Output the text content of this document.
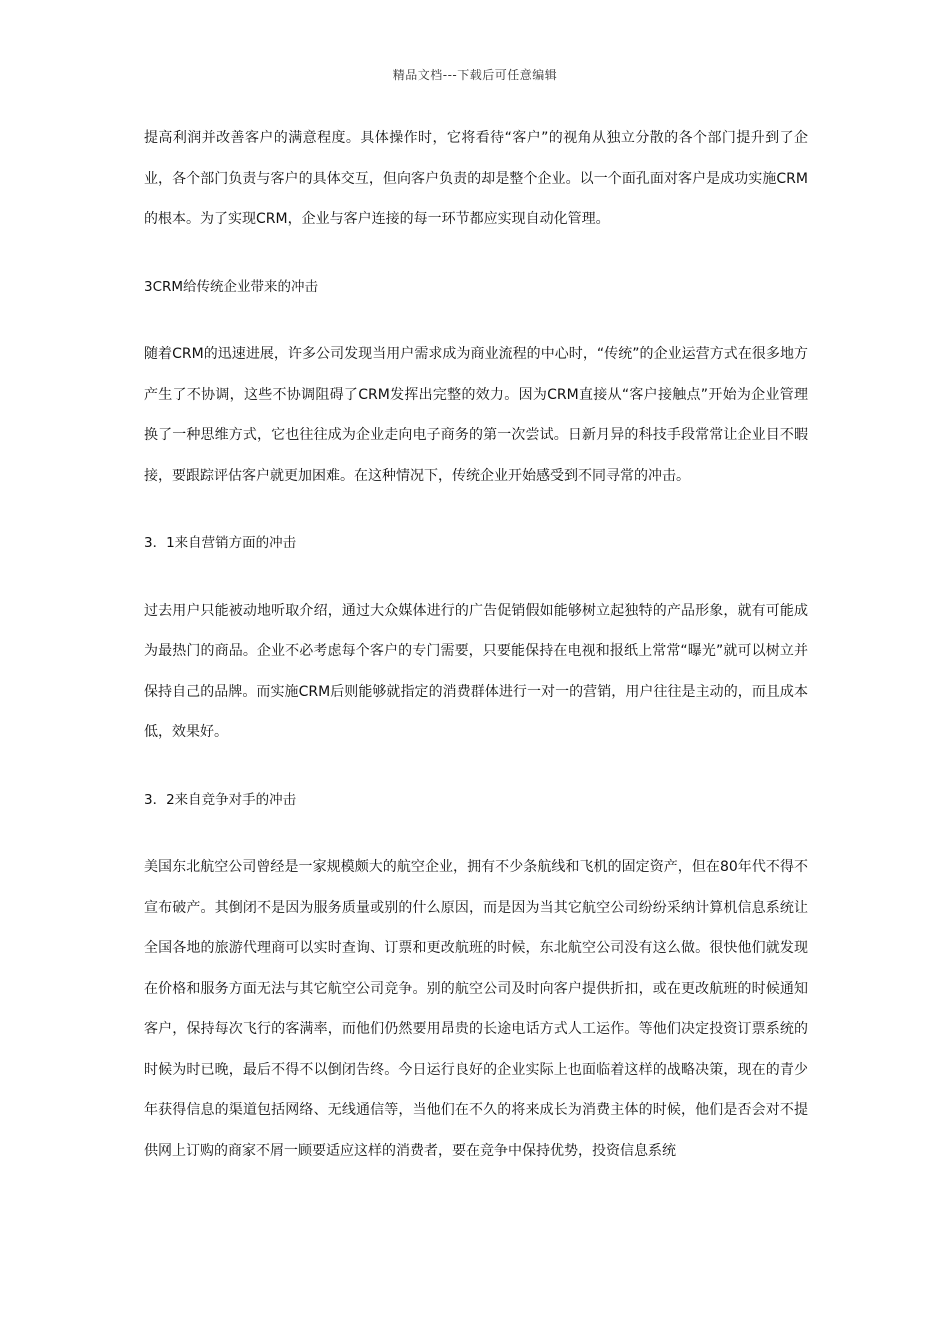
精品文档---下载后可任意编辑

提高利润并改善客户的满意程度。具体操作时，它将看待“客户”的视角从独立分散的各个部门提升到了企业，各个部门负责与客户的具体交互，但向客户负责的却是整个企业。以一个面孔面对客户是成功实施CRM的根本。为了实现CRM，企业与客户连接的每一环节都应实现自动化管理。

3CRM给传统企业带来的冲击

随着CRM的迅速进展，许多公司发现当用户需求成为商业流程的中心时，“传统”的企业运营方式在很多地方产生了不协调，这些不协调阻碍了CRM发挥出完整的效力。因为CRM直接从“客户接触点”开始为企业管理换了一种思维方式，它也往往成为企业走向电子商务的第一次尝试。日新月异的科技手段常常让企业目不暇接，要跟踪评估客户就更加困难。在这种情况下，传统企业开始感受到不同寻常的冲击。

3．1来自营销方面的冲击

过去用户只能被动地听取介绍，通过大众媒体进行的广告促销假如能够树立起独特的产品形象，就有可能成为最热门的商品。企业不必考虑每个客户的专门需要，只要能保持在电视和报纸上常常“曝光”就可以树立并保持自己的品牌。而实施CRM后则能够就指定的消费群体进行一对一的营销，用户往往是主动的，而且成本低，效果好。

3．2来自竞争对手的冲击

美国东北航空公司曾经是一家规模颇大的航空企业，拥有不少条航线和飞机的固定资产，但在80年代不得不宣布破产。其倒闭不是因为服务质量或别的什么原因，而是因为当其它航空公司纷纷采纳计算机信息系统让全国各地的旅游代理商可以实时查询、订票和更改航班的时候，东北航空公司没有这么做。很快他们就发现在价格和服务方面无法与其它航空公司竞争。别的航空公司及时向客户提供折扣，或在更改航班的时候通知客户，保持每次飞行的客满率，而他们仍然要用昂贵的长途电话方式人工运作。等他们决定投资订票系统的时候为时已晚，最后不得不以倒闭告终。今日运行良好的企业实际上也面临着这样的战略决策，现在的青少年获得信息的渠道包括网络、无线通信等，当他们在不久的将来成长为消费主体的时候，他们是否会对不提供网上订购的商家不屑一顾要适应这样的消费者，要在竞争中保持优势，投资信息系统
